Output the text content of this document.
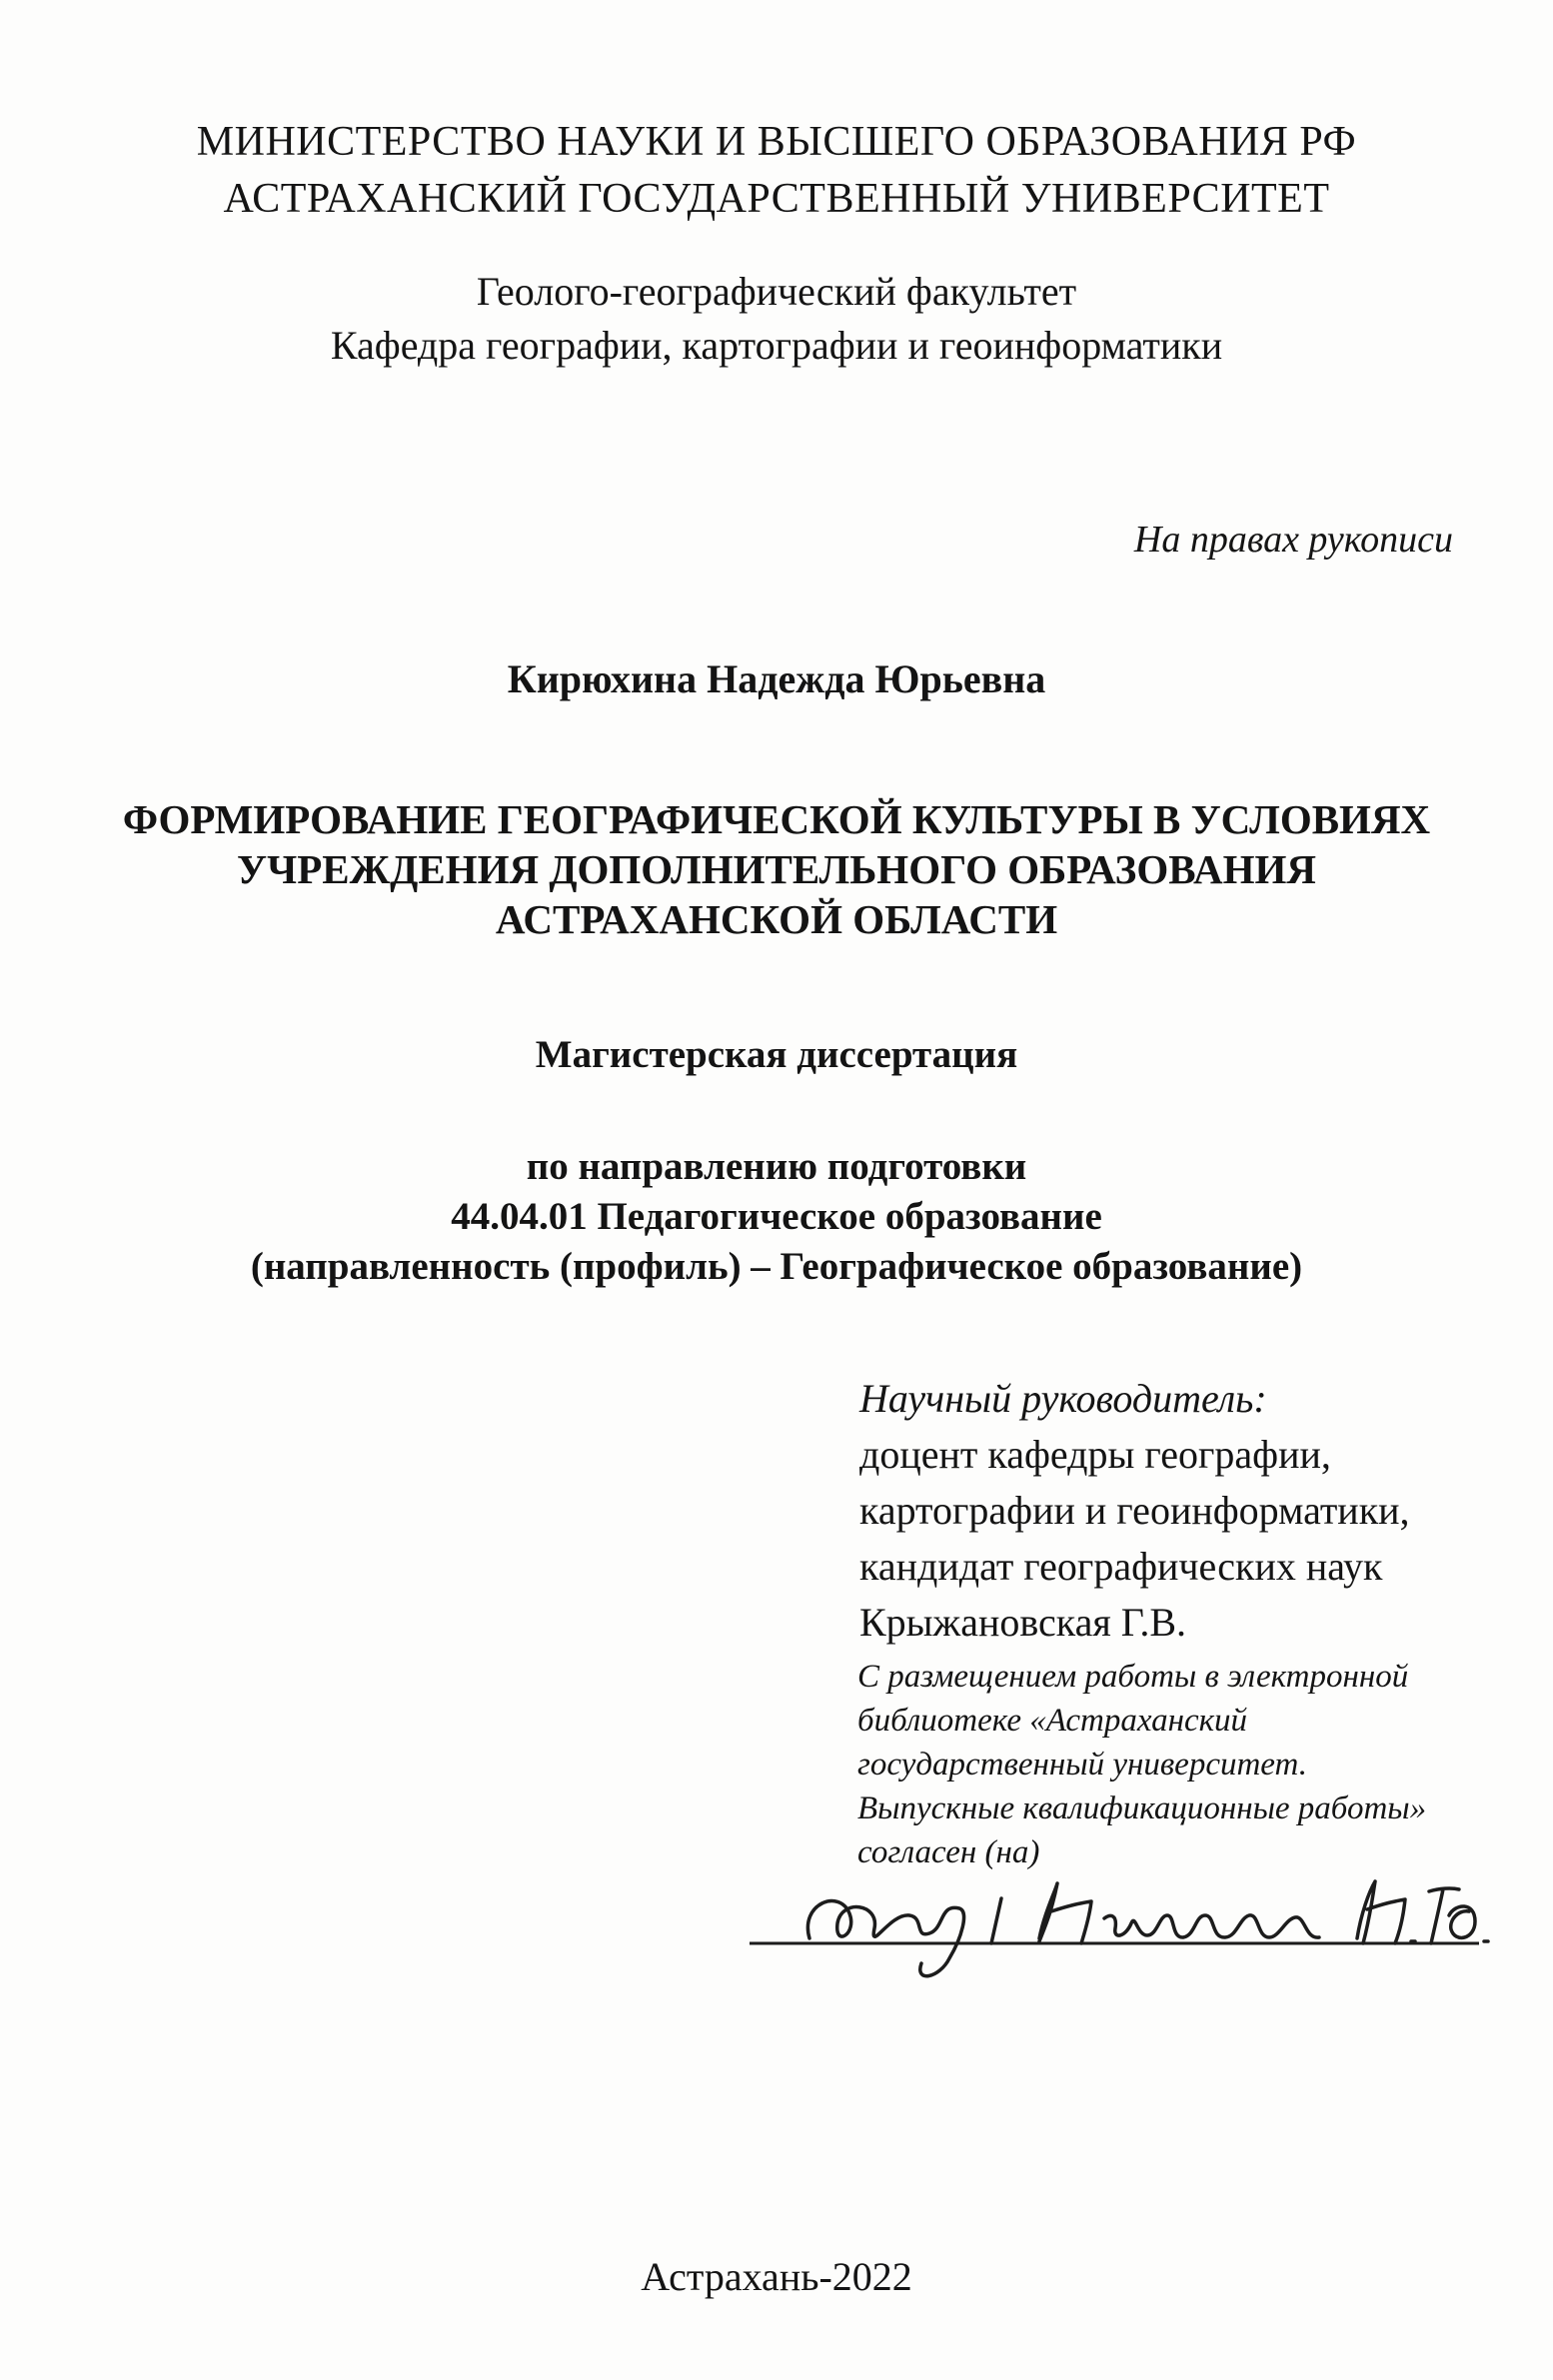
МИНИСТЕРСТВО НАУКИ И ВЫСШЕГО ОБРАЗОВАНИЯ РФ
АСТРАХАНСКИЙ ГОСУДАРСТВЕННЫЙ УНИВЕРСИТЕТ
Геолого-географический факультет
Кафедра географии, картографии и геоинформатики
На правах рукописи
Кирюхина Надежда Юрьевна
ФОРМИРОВАНИЕ ГЕОГРАФИЧЕСКОЙ КУЛЬТУРЫ В УСЛОВИЯХ
УЧРЕЖДЕНИЯ ДОПОЛНИТЕЛЬНОГО ОБРАЗОВАНИЯ
АСТРАХАНСКОЙ ОБЛАСТИ
Магистерская диссертация
по направлению подготовки
44.04.01 Педагогическое образование
(направленность (профиль) – Географическое образование)
Научный руководитель:
доцент кафедры географии,
картографии и геоинформатики,
кандидат географических наук
Крыжановская Г.В.
С размещением работы в электронной
библиотеке «Астраханский
государственный университет.
Выпускные квалификационные работы»
согласен (на)
Астрахань-2022
